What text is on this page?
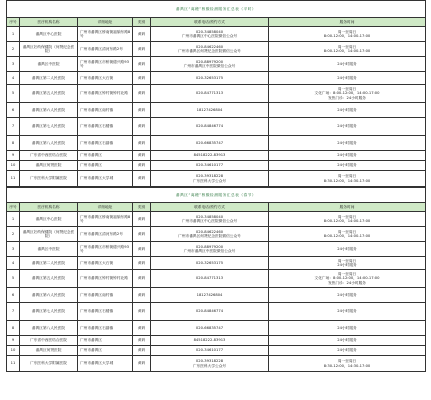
番禺区“离穗”核酸检测服务汇总表（平时）					
序号	医疗机构名称	详细地址	类别	联系电话/预约方式	服务时间
1	番禺区中心医院	广州市番禺区桥南街福愉东路8号	黄码	020-34858040
广州市番禺区中心医院微信公众号	周一至周日
8:00-12:00，14:00-17:00
2	番禺区妇幼保健院（何贤纪念医院）	广州市番禺区清河东路2号	黄码	020-84622460
广州市番禺区何贤纪念医院微信公众号	周一至周日
8:00-12:00，14:00-17:00
3	番禺区中医院	广州市番禺区市桥街德兴路93号	黄码	020-88979200
广州市番禺区中医院微信公众号	24小时服务
4	番禺区第二人民医院	广州市番禺区大石街	黄码	020-32653175	24小时服务
5	番禺区第五人民医院	广州市番禺区钟村街钟村北路	黄码	020-84771313	周一至周日
文化广场：8:00-12:00，14:00-17:00
发热门诊：24小时服务
6	番禺区第六人民医院	广州市番禺区南村镇	黄码	18127426804	24小时服务
7	番禺区第七人民医院	广州市番禺区石楼镇	黄码	020-84846774	24小时服务
8	番禺区第八人民医院	广州市番禺区石碁镇	黄码	020-66835747	24小时服务
9	广东省中西医结合医院	广州市番禺区	黄码	84518222-83913	24小时服务
10	番禺区何贤医院	广州市番禺区	黄码	020-34610177	24小时服务
11	广东医科大学附属医院	广州市番禺区大学城	黄码	020-39318228
广东医科大学公众号	周一至周日
8:30-12:00，14:30-17:00
番禺区“离穗”核酸检测服务汇总表（春节）					
序号	医疗机构名称	详细地址	类别	联系电话/预约方式	服务时间
1	番禺区中心医院	广州市番禺区桥南街福愉东路8号	黄码	020-34858040
广州市番禺区中心医院微信公众号	周一至周日
8:00-12:00，14:00-17:00
2	番禺区妇幼保健院（何贤纪念医院）	广州市番禺区清河东路2号	黄码	020-84622460
广州市番禺区何贤纪念医院微信公众号	周一至周日
8:00-12:00，14:00-17:00
3	番禺区中医院	广州市番禺区市桥街德兴路93号	黄码	020-88979200
广州市番禺区中医院微信公众号	24小时服务
4	番禺区第二人民医院	广州市番禺区大石街	黄码	020-32653175	周一至周日
24小时服务
5	番禺区第五人民医院	广州市番禺区钟村街钟村北路	黄码	020-84771313	周一至周日
文化广场：8:00-12:00，14:00-17:00
发热门诊：24小时服务
6	番禺区第六人民医院	广州市番禺区南村镇	黄码	18127426804	24小时服务
7	番禺区第七人民医院	广州市番禺区石楼镇	黄码	020-84846774	24小时服务
8	番禺区第八人民医院	广州市番禺区石碁镇	黄码	020-66835747	24小时服务
9	广东省中西医结合医院	广州市番禺区	黄码	84518222-83913	24小时服务
10	番禺区何贤医院	广州市番禺区	黄码	020-34610177	24小时服务
11	广东医科大学附属医院	广州市番禺区大学城	黄码	020-39318228
广东医科大学公众号	周一至周日
8:30-12:00，14:30-17:00
